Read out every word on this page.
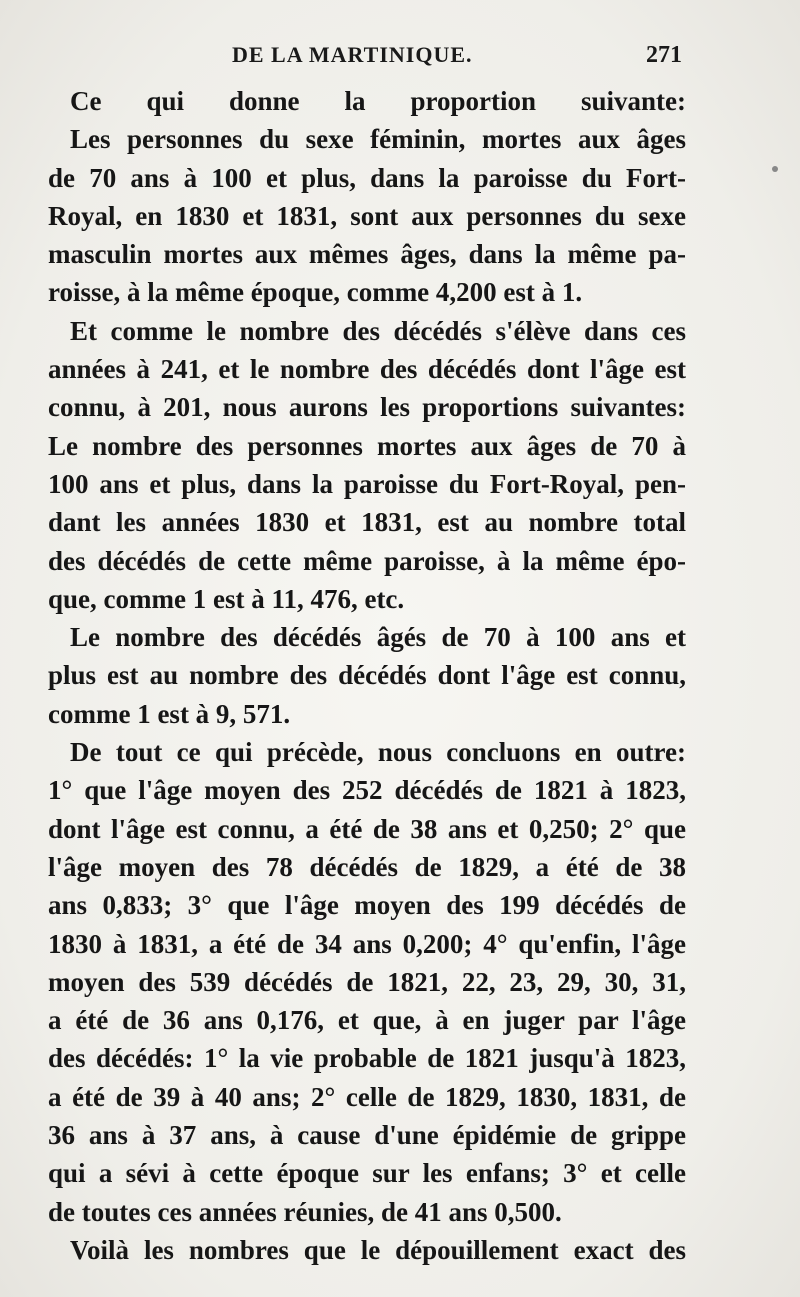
DE LA MARTINIQUE.	271
Ce qui donne la proportion suivante:
Les personnes du sexe féminin, mortes aux âges
de 70 ans à 100 et plus, dans la paroisse du Fort-
Royal, en 1830 et 1831, sont aux personnes du sexe
masculin mortes aux mêmes âges, dans la même pa-
roisse, à la même époque, comme 4,200 est à 1.
Et comme le nombre des décédés s'élève dans ces
années à 241, et le nombre des décédés dont l'âge est
connu, à 201, nous aurons les proportions suivantes:
Le nombre des personnes mortes aux âges de 70 à
100 ans et plus, dans la paroisse du Fort-Royal, pen-
dant les années 1830 et 1831, est au nombre total
des décédés de cette même paroisse, à la même épo-
que, comme 1 est à 11, 476, etc.
Le nombre des décédés âgés de 70 à 100 ans et
plus est au nombre des décédés dont l'âge est connu,
comme 1 est à 9, 571.
De tout ce qui précède, nous concluons en outre:
1° que l'âge moyen des 252 décédés de 1821 à 1823,
dont l'âge est connu, a été de 38 ans et 0,250; 2° que
l'âge moyen des 78 décédés de 1829, a été de 38
ans 0,833; 3° que l'âge moyen des 199 décédés de
1830 à 1831, a été de 34 ans 0,200; 4° qu'enfin, l'âge
moyen des 539 décédés de 1821, 22, 23, 29, 30, 31,
a été de 36 ans 0,176, et que, à en juger par l'âge
des décédés: 1° la vie probable de 1821 jusqu'à 1823,
a été de 39 à 40 ans; 2° celle de 1829, 1830, 1831, de
36 ans à 37 ans, à cause d'une épidémie de grippe
qui a sévi à cette époque sur les enfans; 3° et celle
de toutes ces années réunies, de 41 ans 0,500.
Voilà les nombres que le dépouillement exact des
